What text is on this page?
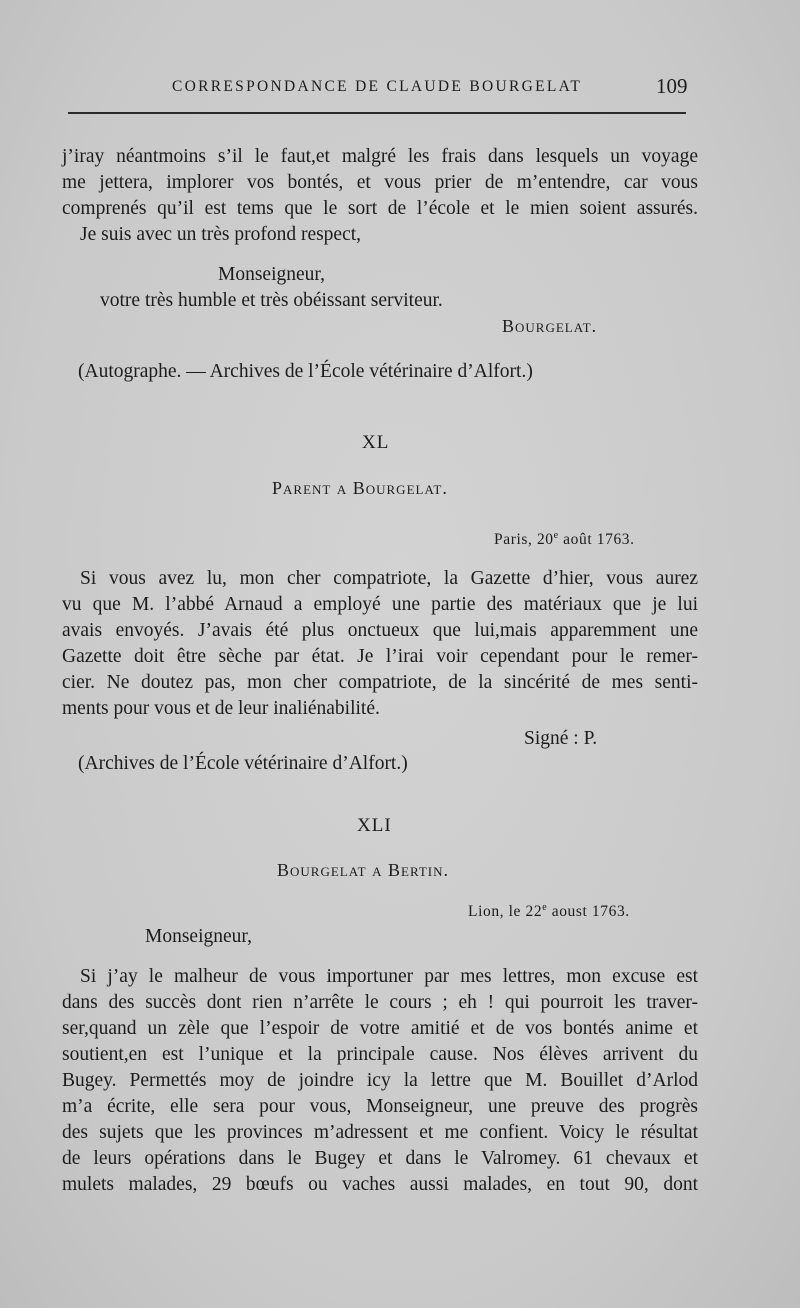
CORRESPONDANCE DE CLAUDE BOURGELAT	109
j’iray néantmoins s’il le faut,et malgré les frais dans lesquels un voyage
me jettera, implorer vos bontés, et vous prier de m’entendre, car vous
comprenés qu’il est tems que le sort de l’école et le mien soient assurés.
Je suis avec un très profond respect,
Monseigneur,
votre très humble et très obéissant serviteur.
Bourgelat.
(Autographe. — Archives de l’École vétérinaire d’Alfort.)
XL
Parent a Bourgelat.
Paris, 20e août 1763.
Si vous avez lu, mon cher compatriote, la Gazette d’hier, vous aurez
vu que M. l’abbé Arnaud a employé une partie des matériaux que je lui
avais envoyés. J’avais été plus onctueux que lui,mais apparemment une
Gazette doit être sèche par état. Je l’irai voir cependant pour le remer-
cier. Ne doutez pas, mon cher compatriote, de la sincérité de mes senti-
ments pour vous et de leur inaliénabilité.
Signé : P.
(Archives de l’École vétérinaire d’Alfort.)
XLI
Bourgelat a Bertin.
Lion, le 22e aoust 1763.
Monseigneur,
Si j’ay le malheur de vous importuner par mes lettres, mon excuse est
dans des succès dont rien n’arrête le cours ; eh ! qui pourroit les traver-
ser,quand un zèle que l’espoir de votre amitié et de vos bontés anime et
soutient,en est l’unique et la principale cause. Nos élèves arrivent du
Bugey. Permettés moy de joindre icy la lettre que M. Bouillet d’Arlod
m’a écrite, elle sera pour vous, Monseigneur, une preuve des progrès
des sujets que les provinces m’adressent et me confient. Voicy le résultat
de leurs opérations dans le Bugey et dans le Valromey. 61 chevaux et
mulets malades, 29 bœufs ou vaches aussi malades, en tout 90, dont
